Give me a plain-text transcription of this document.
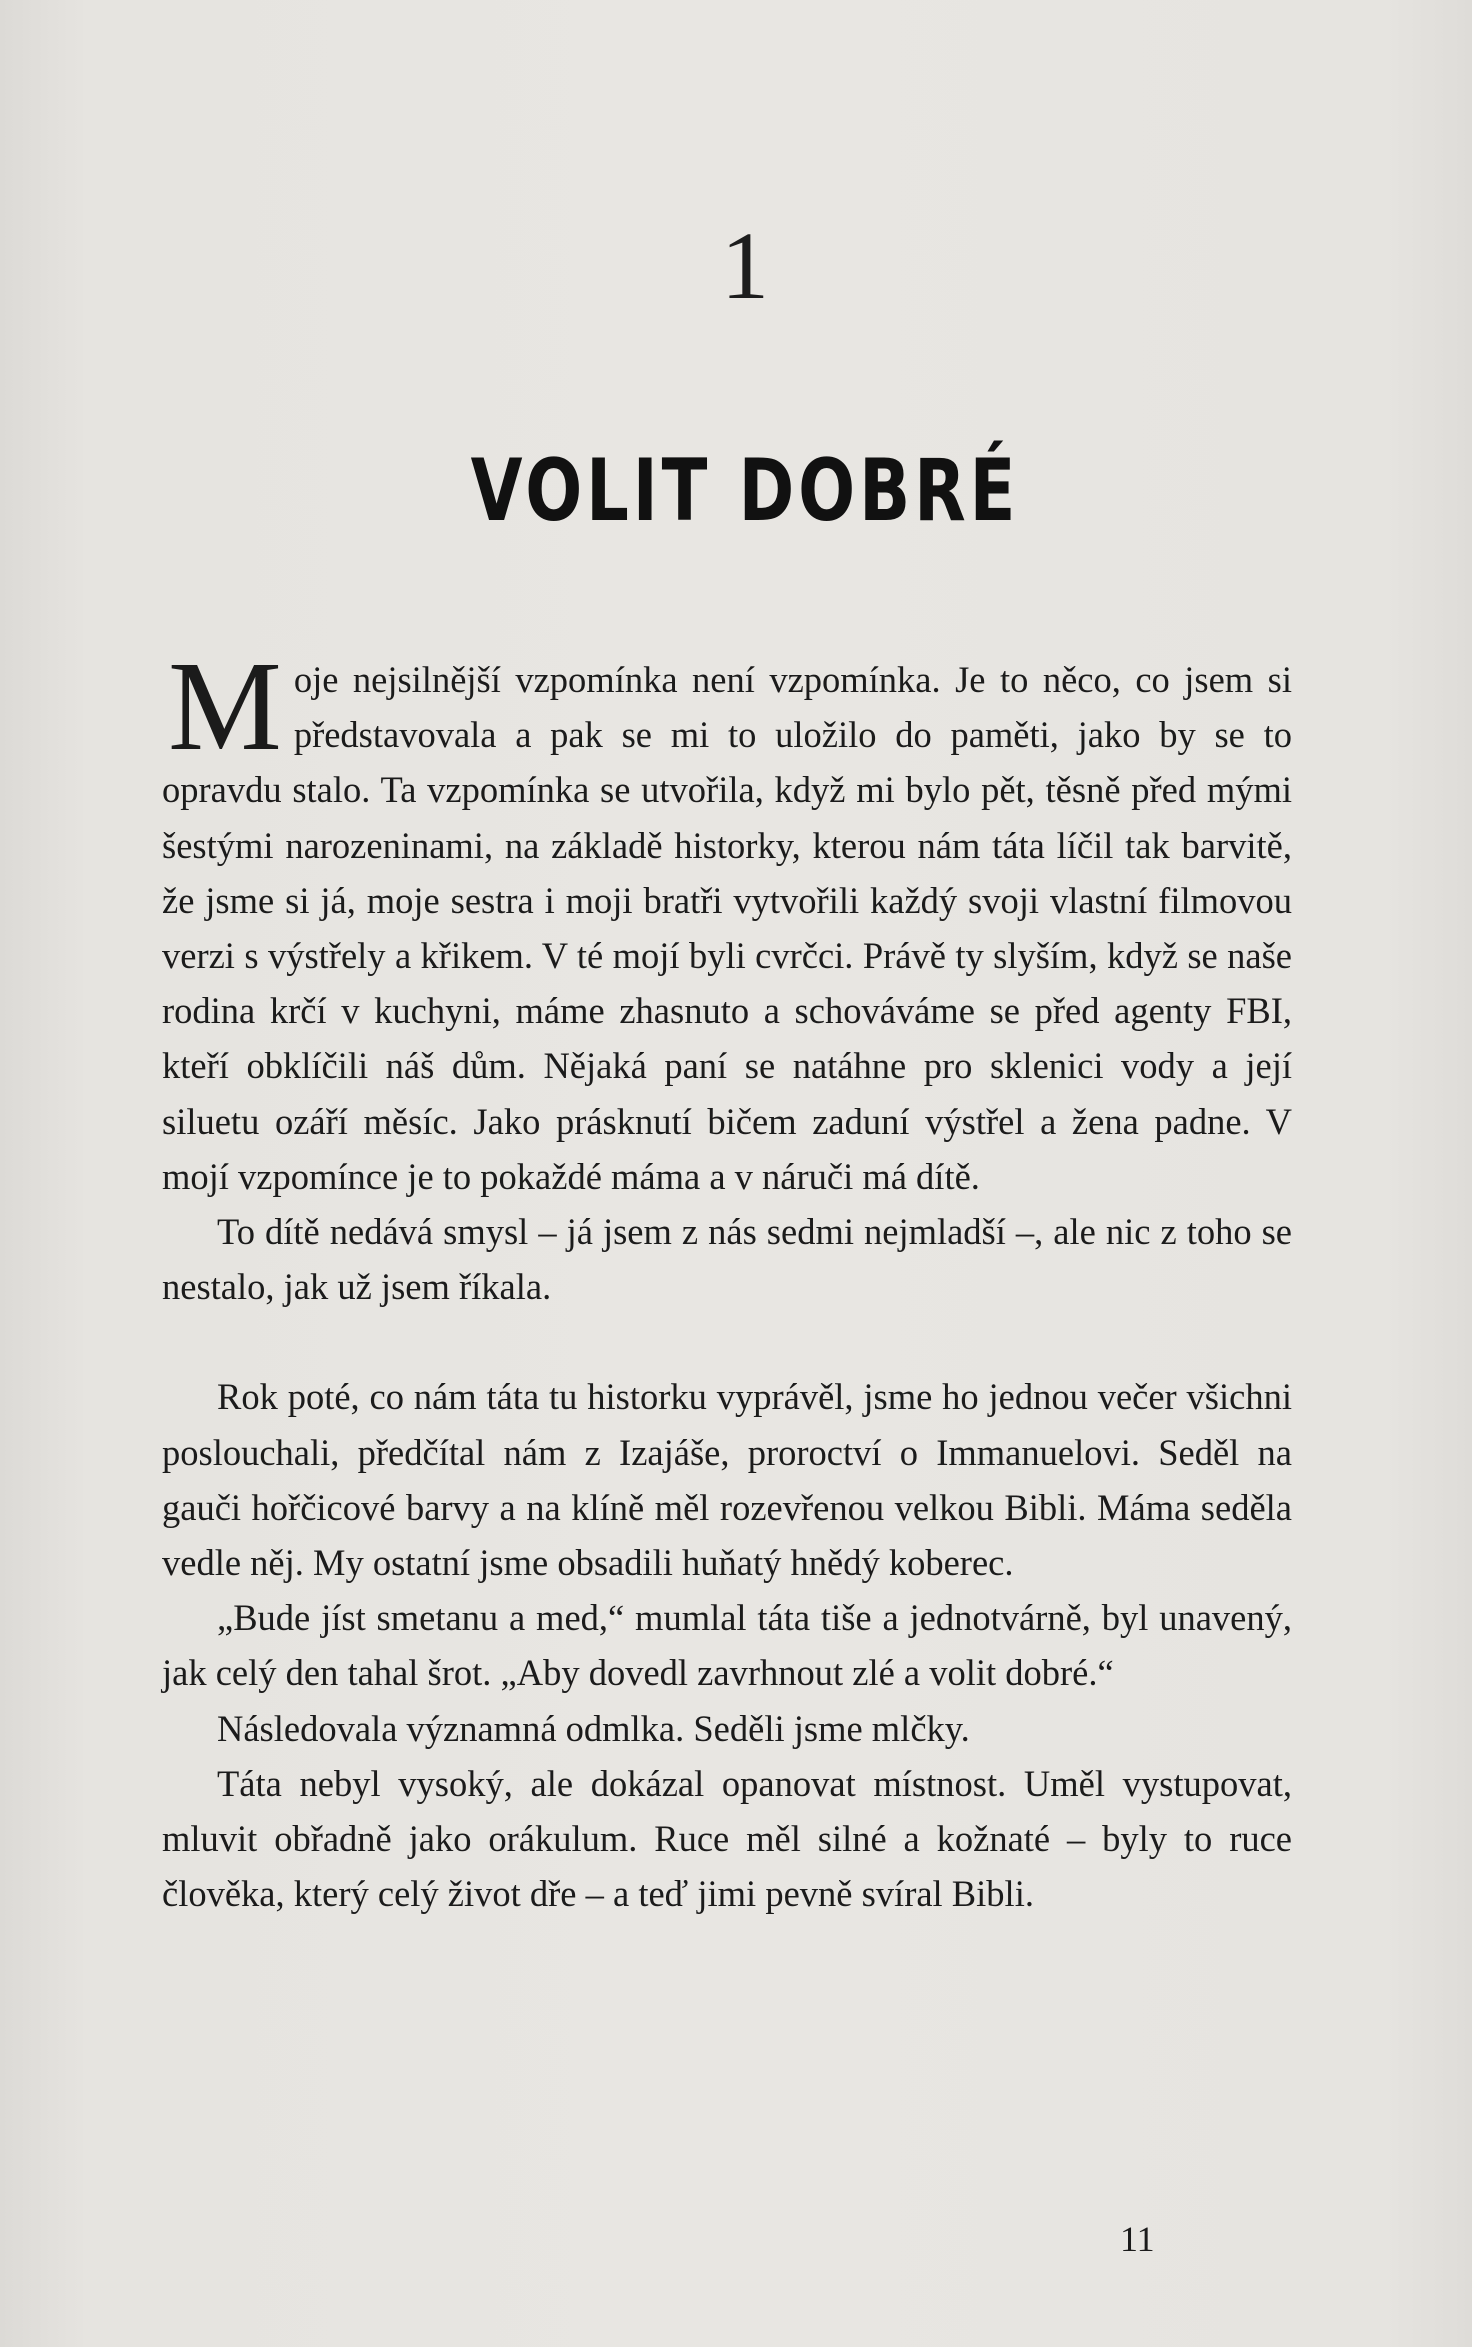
1
VOLIT DOBRÉ

Moje nejsilnější vzpomínka není vzpomínka. Je to něco, co jsem si představovala a pak se mi to uložilo do paměti, jako by se to opravdu stalo. Ta vzpomínka se utvořila, když mi bylo pět, těsně před mými šestými narozeninami, na základě historky, kterou nám táta líčil tak barvitě, že jsme si já, moje sestra i moji bratři vytvořili každý svoji vlastní filmovou verzi s výstřely a křikem. V té mojí byli cvrčci. Právě ty slyším, když se naše rodina krčí v kuchyni, máme zhasnuto a schováváme se před agenty FBI, kteří obklíčili náš dům. Nějaká paní se natáhne pro sklenici vody a její siluetu ozáří měsíc. Jako prásknutí bičem zaduní výstřel a žena padne. V mojí vzpomínce je to pokaždé máma a v náruči má dítě.

To dítě nedává smysl – já jsem z nás sedmi nejmladší –, ale nic z toho se nestalo, jak už jsem říkala.

Rok poté, co nám táta tu historku vyprávěl, jsme ho jednou večer všichni poslouchali, předčítal nám z Izajáše, proroctví o Immanuelovi. Seděl na gauči hořčicové barvy a na klíně měl rozevřenou velkou Bibli. Máma seděla vedle něj. My ostatní jsme obsadili huňatý hnědý koberec.

„Bude jíst smetanu a med,“ mumlal táta tiše a jednotvárně, byl unavený, jak celý den tahal šrot. „Aby dovedl zavrhnout zlé a volit dobré.“

Následovala významná odmlka. Seděli jsme mlčky.

Táta nebyl vysoký, ale dokázal opanovat místnost. Uměl vystupovat, mluvit obřadně jako orákulum. Ruce měl silné a kožnaté – byly to ruce člověka, který celý život dře – a teď jimi pevně svíral Bibli.

11
